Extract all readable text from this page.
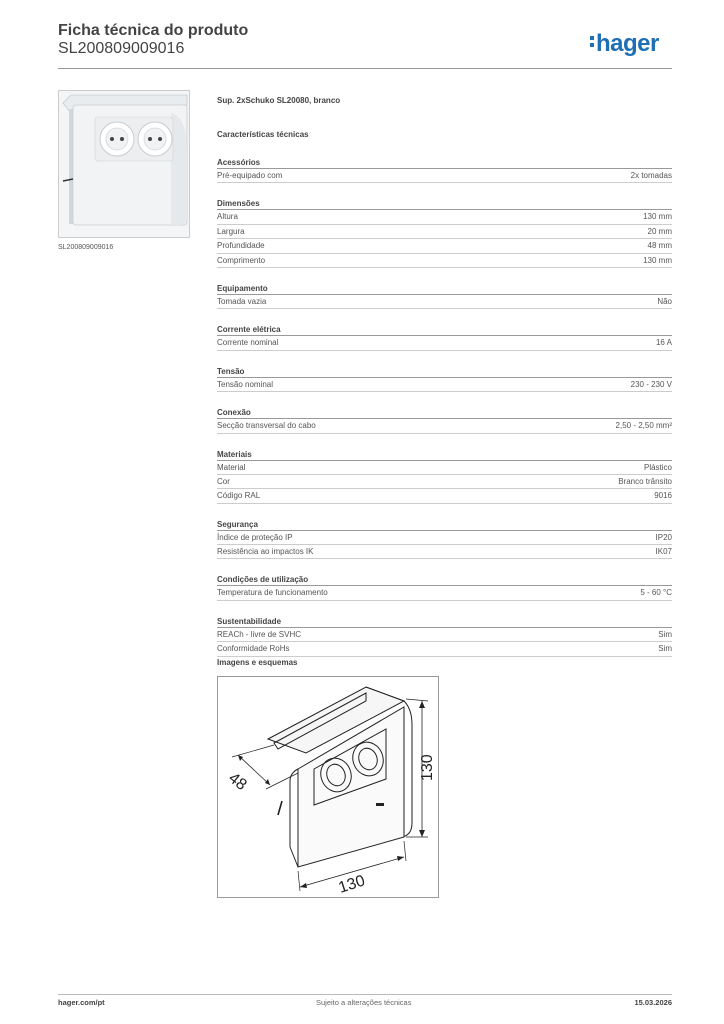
Ficha técnica do produto
SL200809009016	hager
SL200809009016
Sup. 2xSchuko SL20080, branco
Características técnicas
Acessórios
Pré-equipado com	2x tomadas
Dimensões
Altura	130 mm
Largura	20 mm
Profundidade	48 mm
Comprimento	130 mm
Equipamento
Tomada vazia	Não
Corrente elétrica
Corrente nominal	16 A
Tensão
Tensão nominal	230 - 230 V
Conexão
Secção transversal do cabo	2,50 - 2,50 mm²
Materiais
Material	Plástico
Cor	Branco trânsito
Código RAL	9016
Segurança
Índice de proteção IP	IP20
Resistência ao impactos IK	IK07
Condições de utilização
Temperatura de funcionamento	5 - 60 °C
Sustentabilidade
REACh - livre de SVHC	Sim
Conformidade RoHs	Sim
Imagens e esquemas
48
130
130
hager.com/pt	Sujeito a alterações técnicas	15.03.2026
